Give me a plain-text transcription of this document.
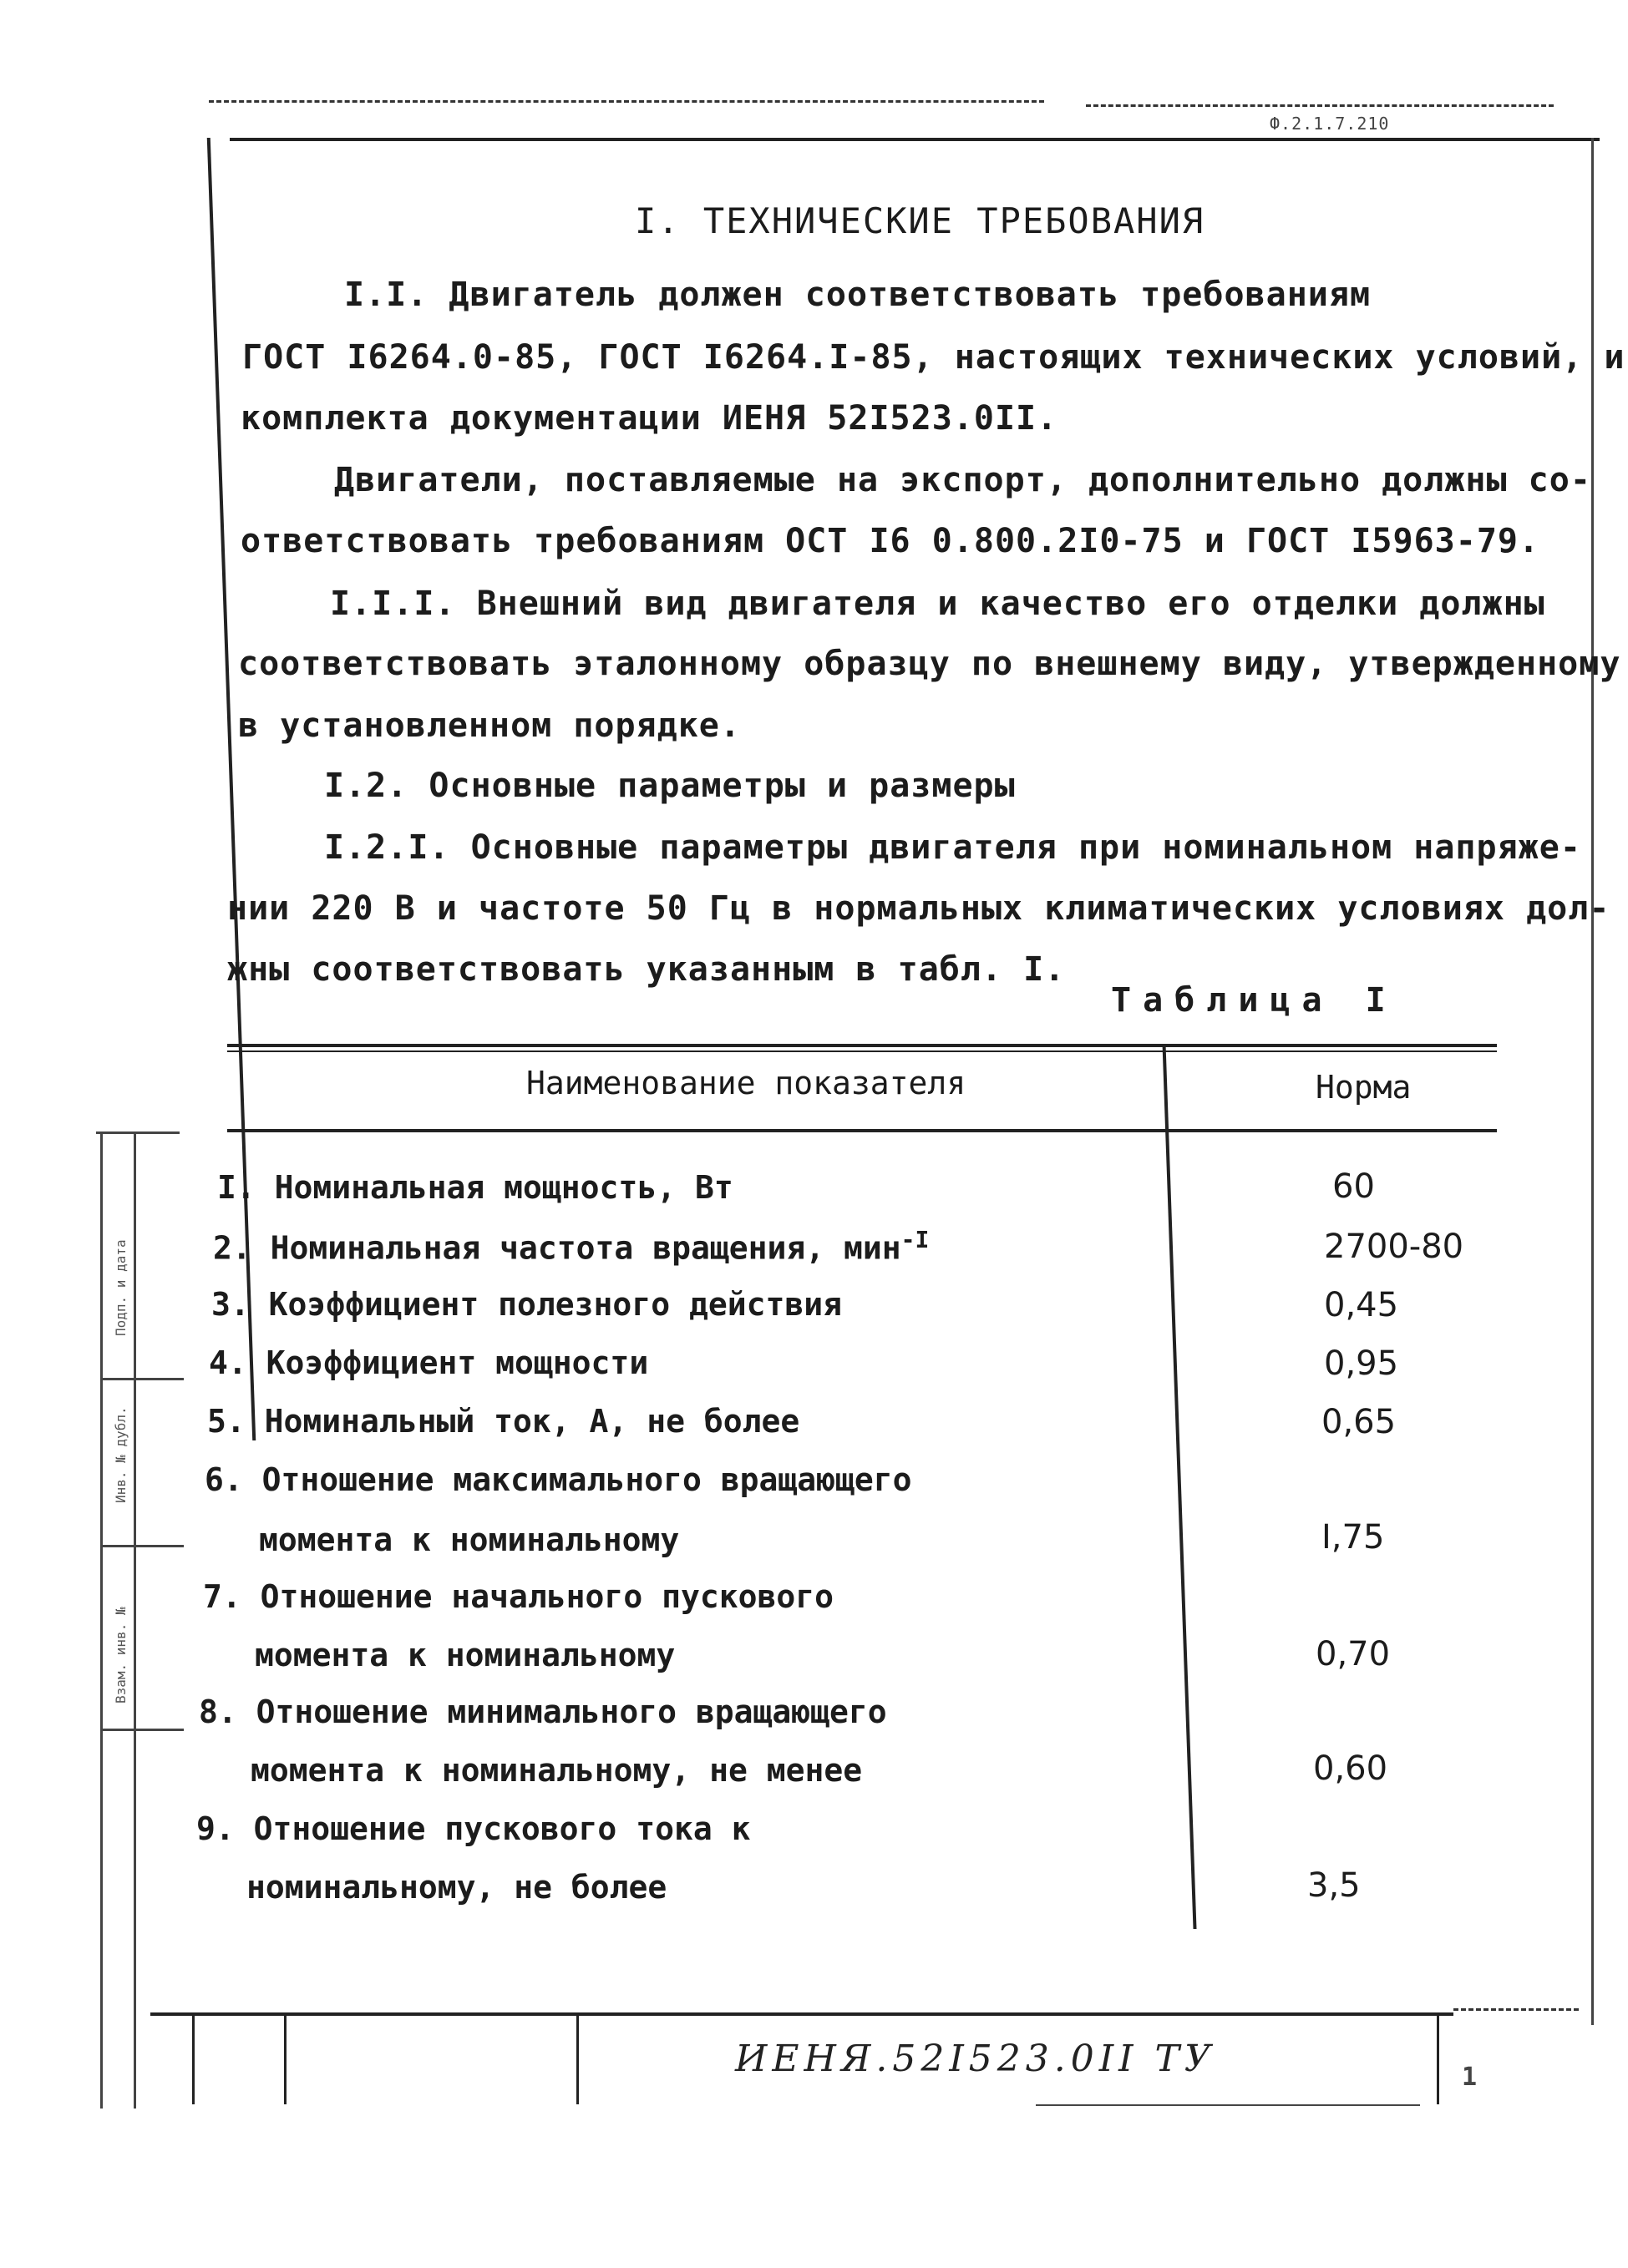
Ф.2.1.7.210
Подп. и дата
Инв. № дубл.
Взам. инв. №
I. ТЕХНИЧЕСКИЕ ТРЕБОВАНИЯ
I.I. Двигатель должен соответствовать требованиям
ГОСТ I6264.0-85, ГОСТ I6264.I-85, настоящих технических условий, и
комплекта документации ИЕНЯ 52I523.0II.
Двигатели, поставляемые на экспорт, дополнительно должны со-
ответствовать требованиям ОСТ I6 0.800.2I0-75 и ГОСТ I5963-79.
I.I.I. Внешний вид двигателя и качество его отделки должны
соответствовать эталонному образцу по внешнему виду, утвержденному
в установленном порядке.
I.2. Основные параметры и размеры
I.2.I. Основные параметры двигателя при номинальном напряже-
нии 220 В и частоте 50 Гц в нормальных климатических условиях дол-
жны соответствовать указанным в табл. I.
Таблица I
Наименование показателя	Норма
I. Номинальная мощность, Вт	60
2. Номинальная частота вращения, мин$^{-I}$	2700-80
3. Коэффициент полезного действия	0,45
4. Коэффициент мощности	0,95
5. Номинальный ток, А, не более	0,65
6. Отношение максимального вращающего
момента к номинальному	I,75
7. Отношение начального пускового
момента к номинальному	0,70
8. Отношение минимального вращающего
момента к номинальному, не менее	0,60
9. Отношение пускового тока к
номинальному, не более	3,5
ИЕНЯ.52I523.0II ТУ	1
